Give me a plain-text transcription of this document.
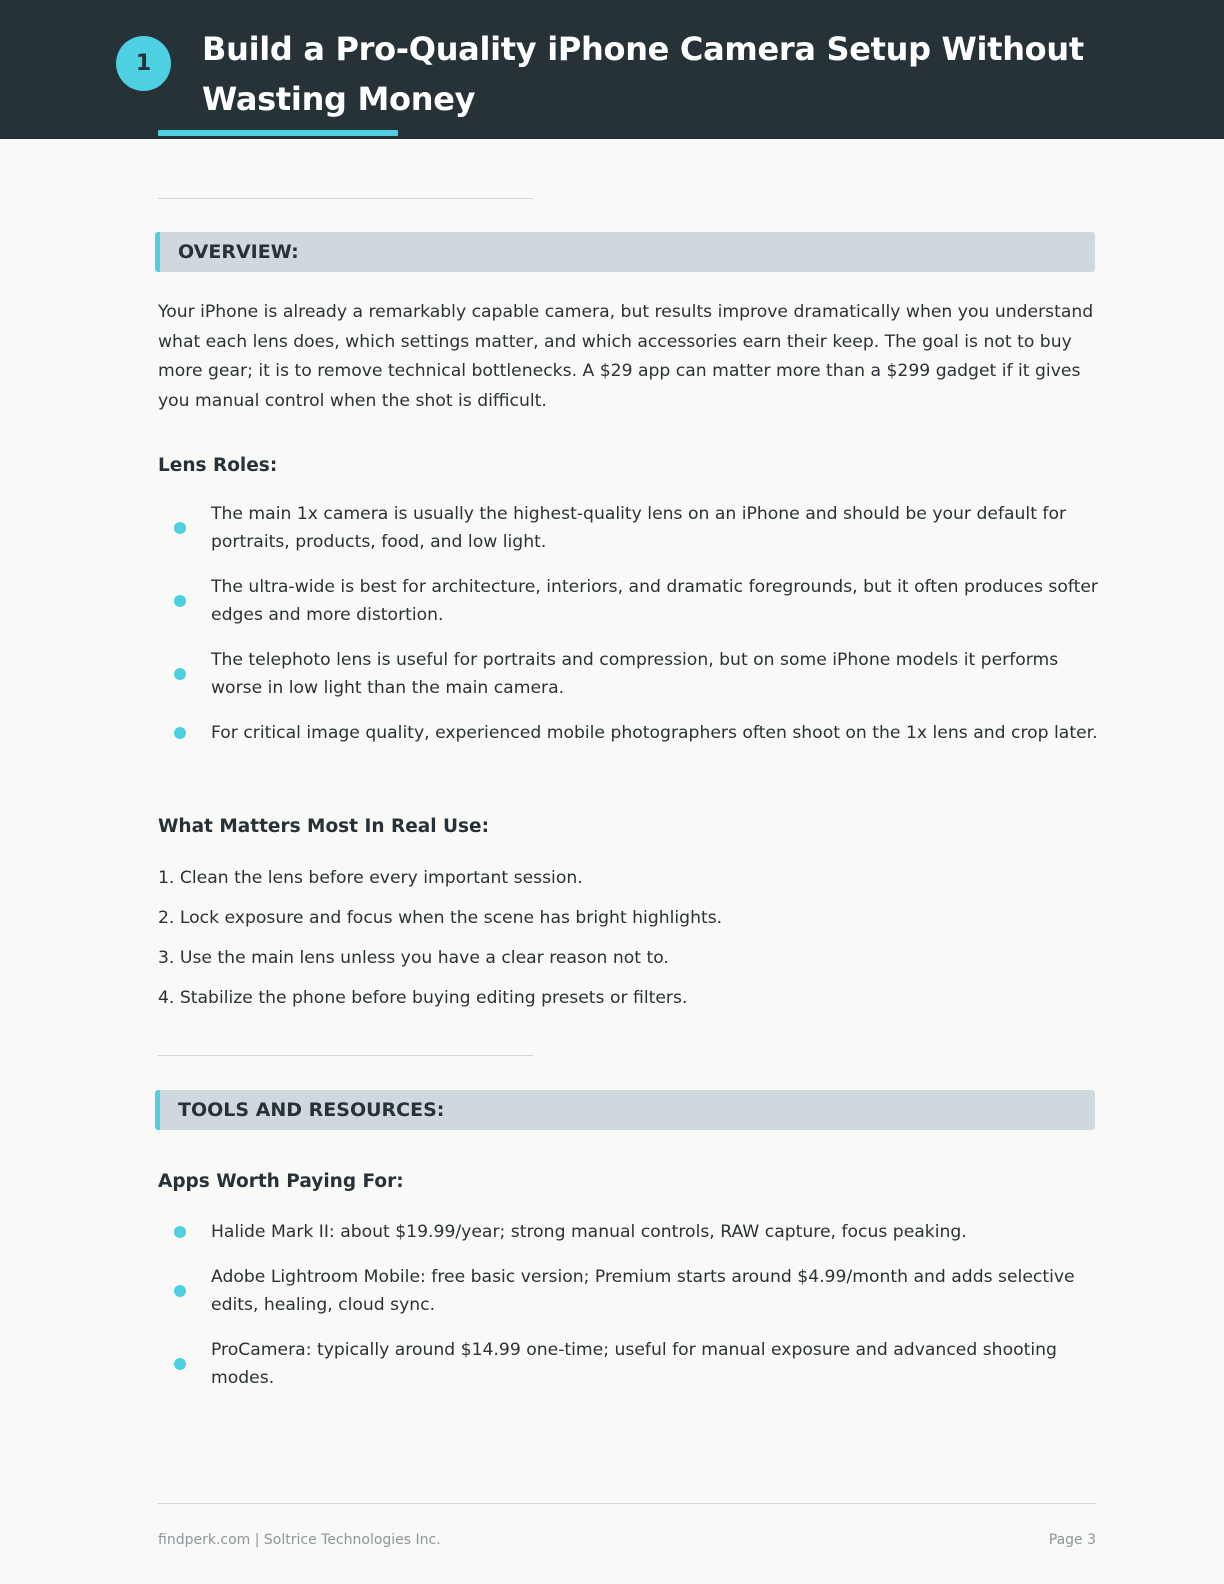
1	Build a Pro-Quality iPhone Camera Setup Without Wasting Money
OVERVIEW:

Your iPhone is already a remarkably capable camera, but results improve dramatically when you understand what each lens does, which settings matter, and which accessories earn their keep. The goal is not to buy more gear; it is to remove technical bottlenecks. A $29 app can matter more than a $299 gadget if it gives you manual control when the shot is difficult.

Lens Roles:
The main 1x camera is usually the highest-quality lens on an iPhone and should be your default for portraits, products, food, and low light.
The ultra-wide is best for architecture, interiors, and dramatic foregrounds, but it often produces softer edges and more distortion.
The telephoto lens is useful for portraits and compression, but on some iPhone models it performs worse in low light than the main camera.
For critical image quality, experienced mobile photographers often shoot on the 1x lens and crop later.
What Matters Most In Real Use:
1. Clean the lens before every important session.
2. Lock exposure and focus when the scene has bright highlights.
3. Use the main lens unless you have a clear reason not to.
4. Stabilize the phone before buying editing presets or filters.
TOOLS AND RESOURCES:
Apps Worth Paying For:
Halide Mark II: about $19.99/year; strong manual controls, RAW capture, focus peaking.
Adobe Lightroom Mobile: free basic version; Premium starts around $4.99/month and adds selective edits, healing, cloud sync.
ProCamera: typically around $14.99 one-time; useful for manual exposure and advanced shooting modes.
findperk.com | Soltrice Technologies Inc.	Page 3
